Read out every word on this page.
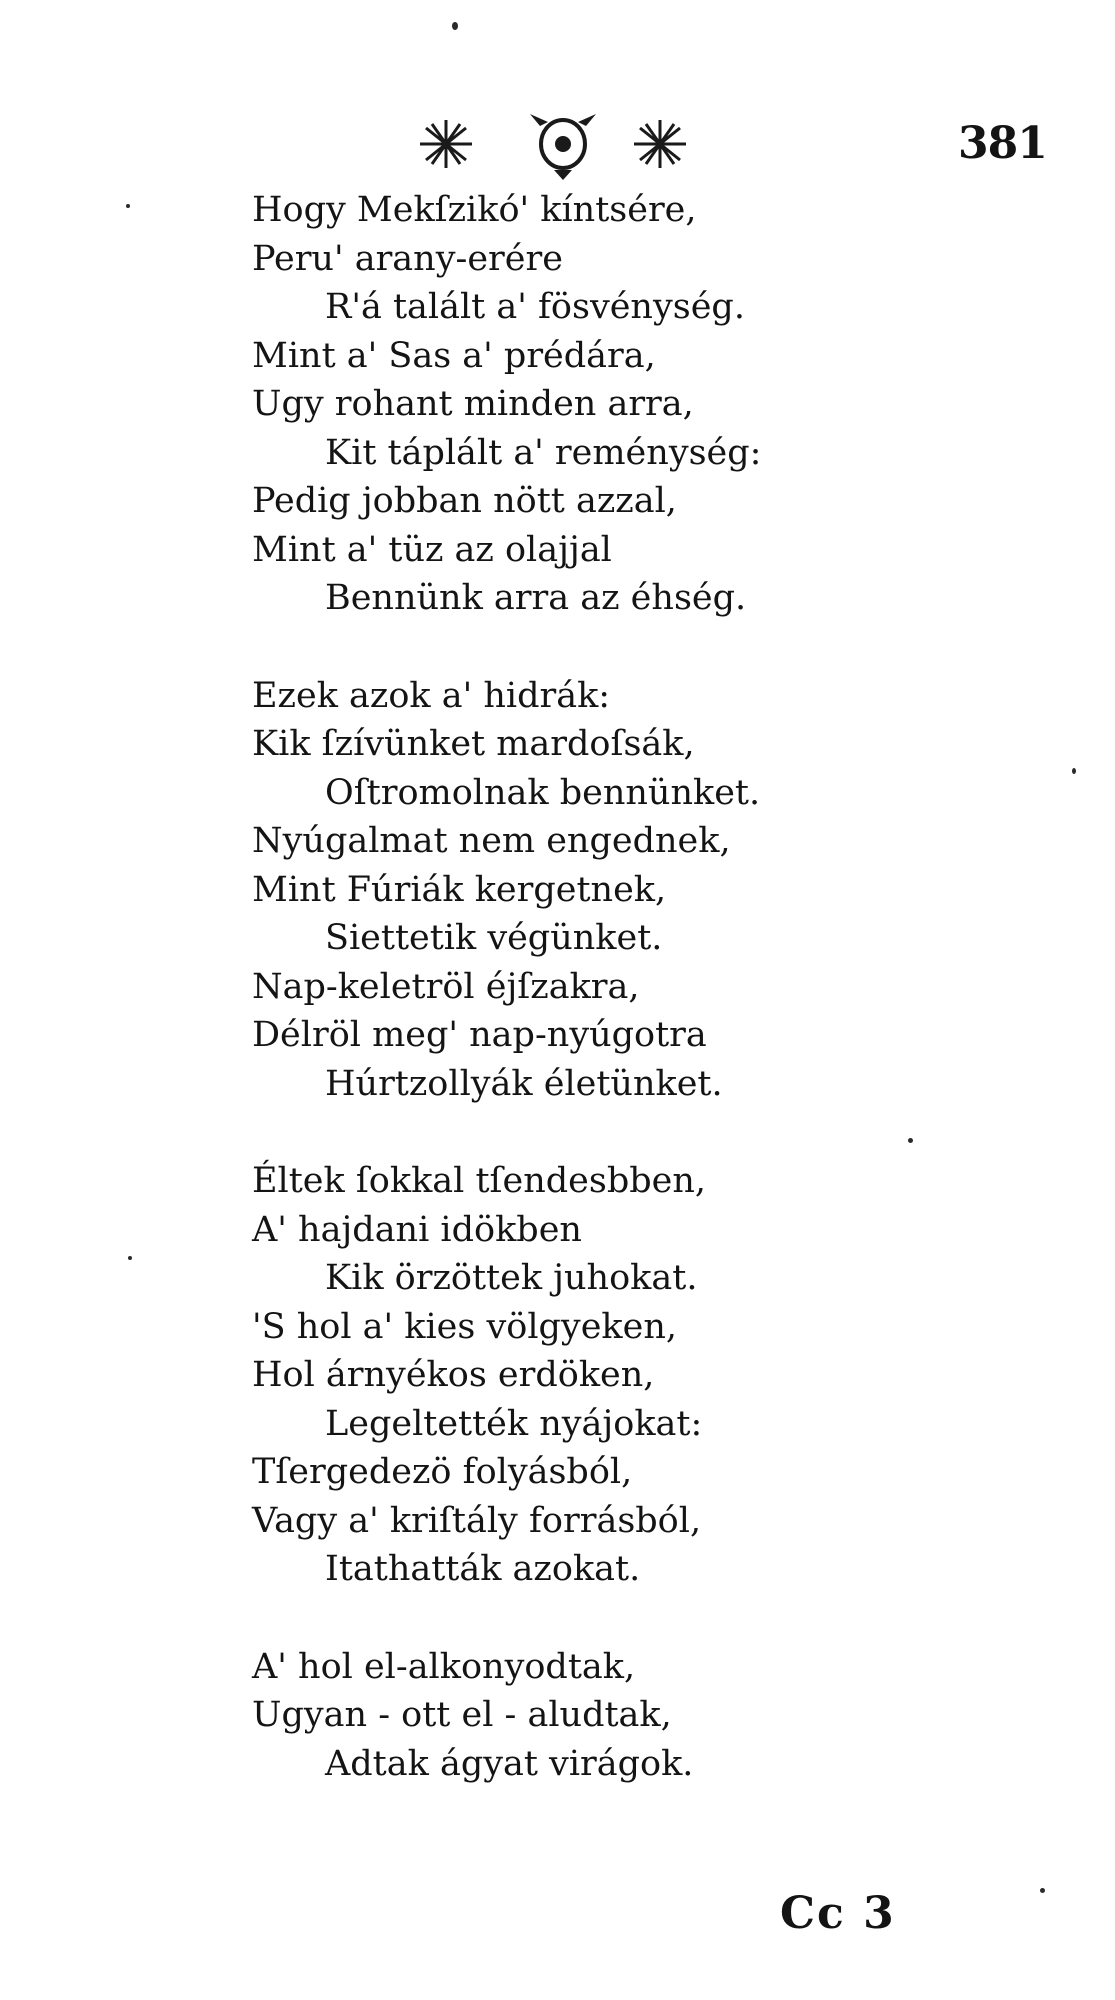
381
Hogy Mekſzikó' kíntsére,
Peru' arany-erére
R'á talált a' fösvénység.
Mint a' Sas a' prédára,
Ugy rohant minden arra,
Kit táplált a' reménység:
Pedig jobban nött azzal,
Mint a' tüz az olajjal
Bennünk arra az éhség.
Ezek azok a' hidrák:
Kik ſzívünket mardoſsák,
Oſtromolnak bennünket.
Nyúgalmat nem engednek,
Mint Fúriák kergetnek,
Siettetik végünket.
Nap-keletröl éjſzakra,
Délröl meg' nap-nyúgotra
Húrtzollyák életünket.
Éltek ſokkal tſendesbben,
A' hajdani idökben
Kik örzöttek juhokat.
'S hol a' kies völgyeken,
Hol árnyékos erdöken,
Legeltették nyájokat:
Tſergedezö folyásból,
Vagy a' kriſtály forrásból,
Itathatták azokat.
A' hol el-alkonyodtak,
Ugyan - ott el - aludtak,
Adtak ágyat virágok.
Cc 3
